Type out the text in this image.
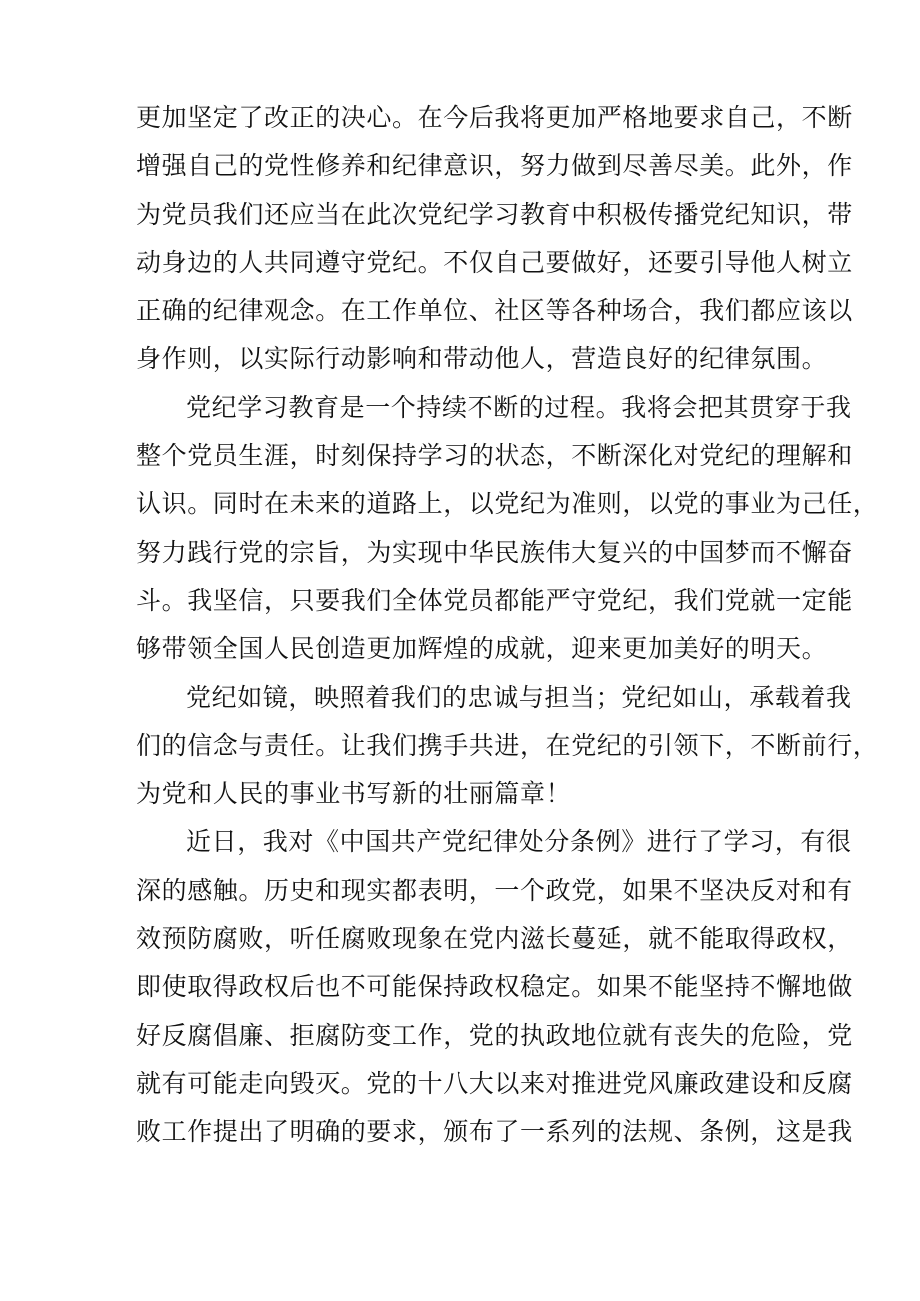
更加坚定了改正的决心。在今后我将更加严格地要求自己，不断
增强自己的党性修养和纪律意识，努力做到尽善尽美。此外，作
为党员我们还应当在此次党纪学习教育中积极传播党纪知识，带
动身边的人共同遵守党纪。不仅自己要做好，还要引导他人树立
正确的纪律观念。在工作单位、社区等各种场合，我们都应该以
身作则，以实际行动影响和带动他人，营造良好的纪律氛围。
党纪学习教育是一个持续不断的过程。我将会把其贯穿于我
整个党员生涯，时刻保持学习的状态，不断深化对党纪的理解和
认识。同时在未来的道路上，以党纪为准则，以党的事业为己任，
努力践行党的宗旨，为实现中华民族伟大复兴的中国梦而不懈奋
斗。我坚信，只要我们全体党员都能严守党纪，我们党就一定能
够带领全国人民创造更加辉煌的成就，迎来更加美好的明天。
党纪如镜，映照着我们的忠诚与担当；党纪如山，承载着我
们的信念与责任。让我们携手共进，在党纪的引领下，不断前行，
为党和人民的事业书写新的壮丽篇章！
近日，我对《中国共产党纪律处分条例》进行了学习，有很
深的感触。历史和现实都表明，一个政党，如果不坚决反对和有
效预防腐败，听任腐败现象在党内滋长蔓延，就不能取得政权，
即使取得政权后也不可能保持政权稳定。如果不能坚持不懈地做
好反腐倡廉、拒腐防变工作，党的执政地位就有丧失的危险，党
就有可能走向毁灭。党的十八大以来对推进党风廉政建设和反腐
败工作提出了明确的要求，颁布了一系列的法规、条例，这是我
